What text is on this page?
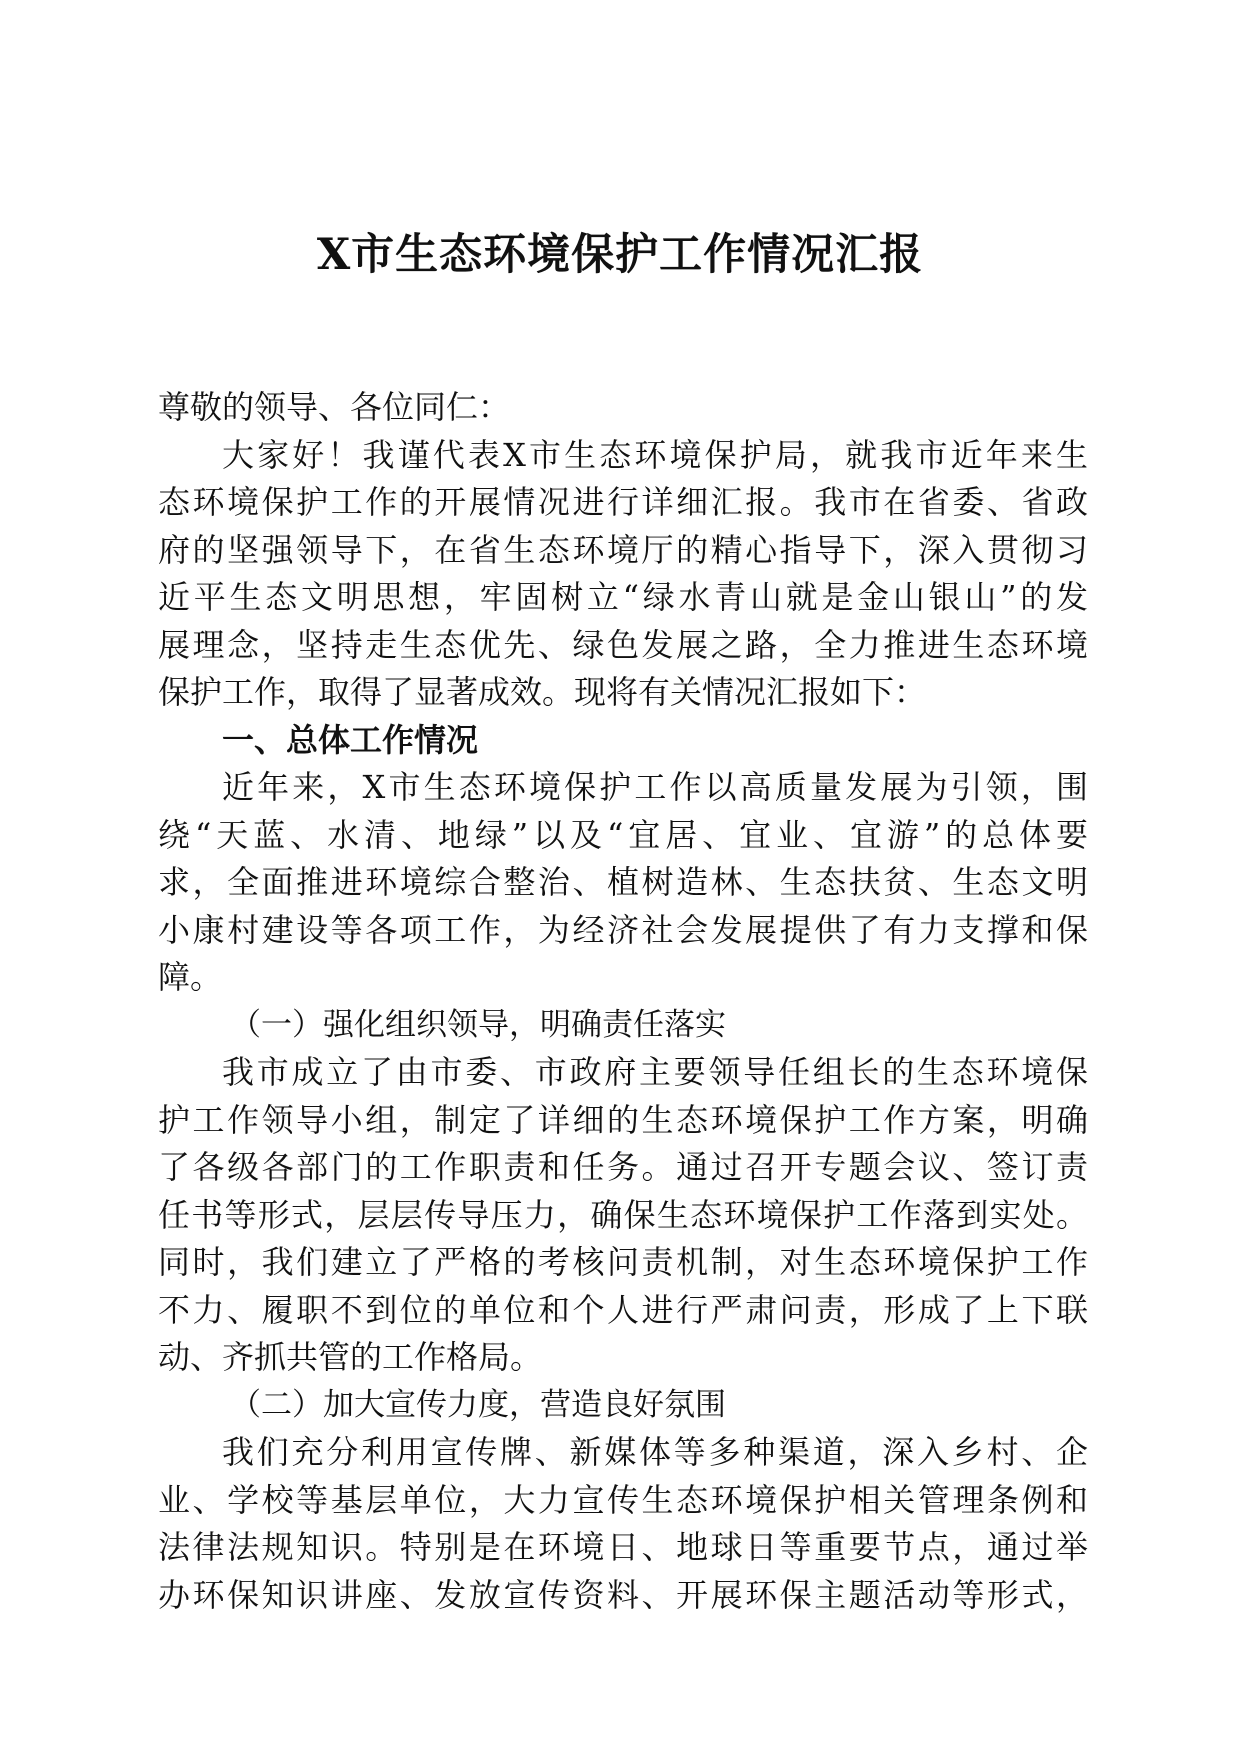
X市生态环境保护工作情况汇报
尊敬的领导、各位同仁：
大家好！我谨代表X市生态环境保护局，就我市近年来生
态环境保护工作的开展情况进行详细汇报。我市在省委、省政
府的坚强领导下，在省生态环境厅的精心指导下，深入贯彻习
近平生态文明思想，牢固树立“绿水青山就是金山银山”的发
展理念，坚持走生态优先、绿色发展之路，全力推进生态环境
保护工作，取得了显著成效。现将有关情况汇报如下：
一、总体工作情况
近年来，X市生态环境保护工作以高质量发展为引领，围
绕“天蓝、水清、地绿”以及“宜居、宜业、宜游”的总体要
求，全面推进环境综合整治、植树造林、生态扶贫、生态文明
小康村建设等各项工作，为经济社会发展提供了有力支撑和保
障。
（一）强化组织领导，明确责任落实
我市成立了由市委、市政府主要领导任组长的生态环境保
护工作领导小组，制定了详细的生态环境保护工作方案，明确
了各级各部门的工作职责和任务。通过召开专题会议、签订责
任书等形式，层层传导压力，确保生态环境保护工作落到实处。
同时，我们建立了严格的考核问责机制，对生态环境保护工作
不力、履职不到位的单位和个人进行严肃问责，形成了上下联
动、齐抓共管的工作格局。
（二）加大宣传力度，营造良好氛围
我们充分利用宣传牌、新媒体等多种渠道，深入乡村、企
业、学校等基层单位，大力宣传生态环境保护相关管理条例和
法律法规知识。特别是在环境日、地球日等重要节点，通过举
办环保知识讲座、发放宣传资料、开展环保主题活动等形式，
